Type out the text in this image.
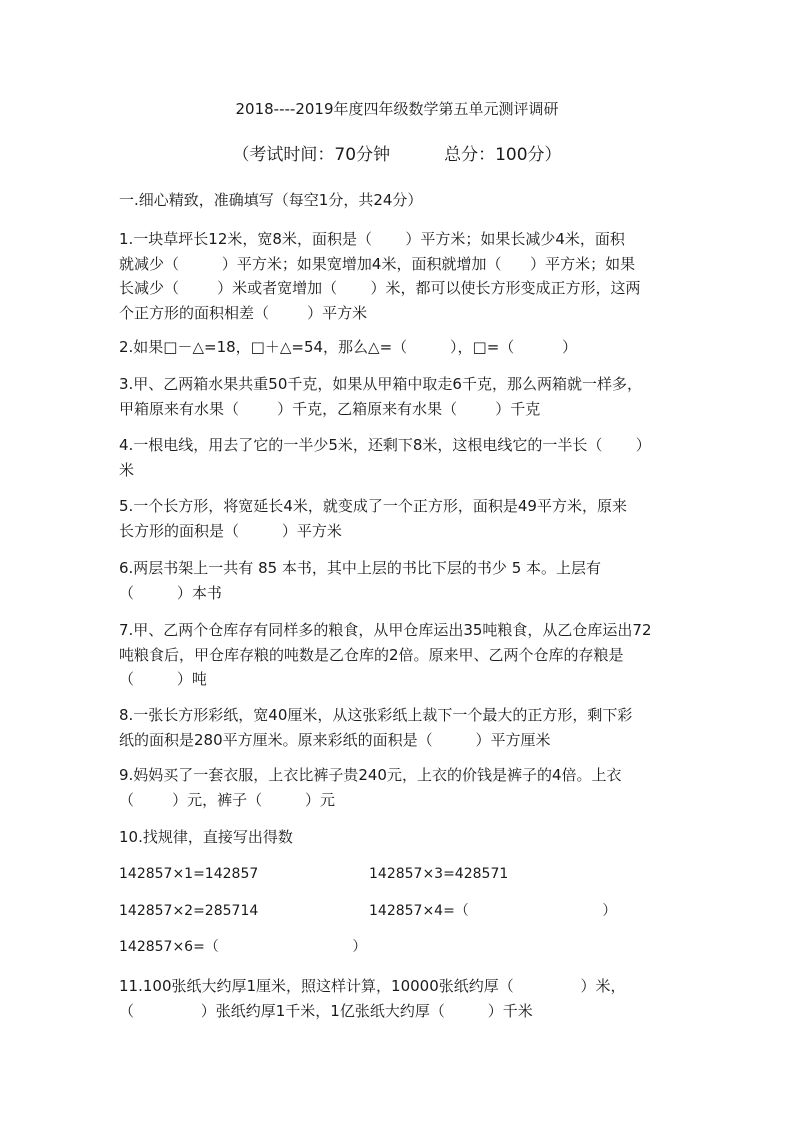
2018----2019年度四年级数学第五单元测评调研
（考试时间：70分钟          总分：100分）
一.细心精致，准确填写（每空1分，共24分）
1.一块草坪长12米，宽8米，面积是（       ）平方米；如果长减少4米，面积
就减少（         ）平方米；如果宽增加4米，面积就增加（      ）平方米；如果
长减少（        ）米或者宽增加（       ）米，都可以使长方形变成正方形，这两
个正方形的面积相差（        ）平方米
2.如果□－△=18，□＋△=54，那么△=（         ），□=（          ）
3.甲、乙两箱水果共重50千克，如果从甲箱中取走6千克，那么两箱就一样多，
甲箱原来有水果（        ）千克，乙箱原来有水果（        ）千克
4.一根电线，用去了它的一半少5米，还剩下8米，这根电线它的一半长（       ）
米
5.一个长方形，将宽延长4米，就变成了一个正方形，面积是49平方米，原来
长方形的面积是（         ）平方米
6.两层书架上一共有 85 本书，其中上层的书比下层的书少 5 本。上层有
（         ）本书
7.甲、乙两个仓库存有同样多的粮食，从甲仓库运出35吨粮食，从乙仓库运出72
吨粮食后，甲仓库存粮的吨数是乙仓库的2倍。原来甲、乙两个仓库的存粮是
（         ）吨
8.一张长方形彩纸，宽40厘米，从这张彩纸上裁下一个最大的正方形，剩下彩
纸的面积是280平方厘米。原来彩纸的面积是（         ）平方厘米
9.妈妈买了一套衣服，上衣比裤子贵240元，上衣的价钱是裤子的4倍。上衣
（        ）元，裤子（         ）元
10.找规律，直接写出得数
142857×1=142857	142857×3=428571
142857×2=285714	142857×4=（                              ）
142857×6=（                              ）
11.100张纸大约厚1厘米，照这样计算，10000张纸约厚（              ）米，
（              ）张纸约厚1千米，1亿张纸大约厚（         ）千米
